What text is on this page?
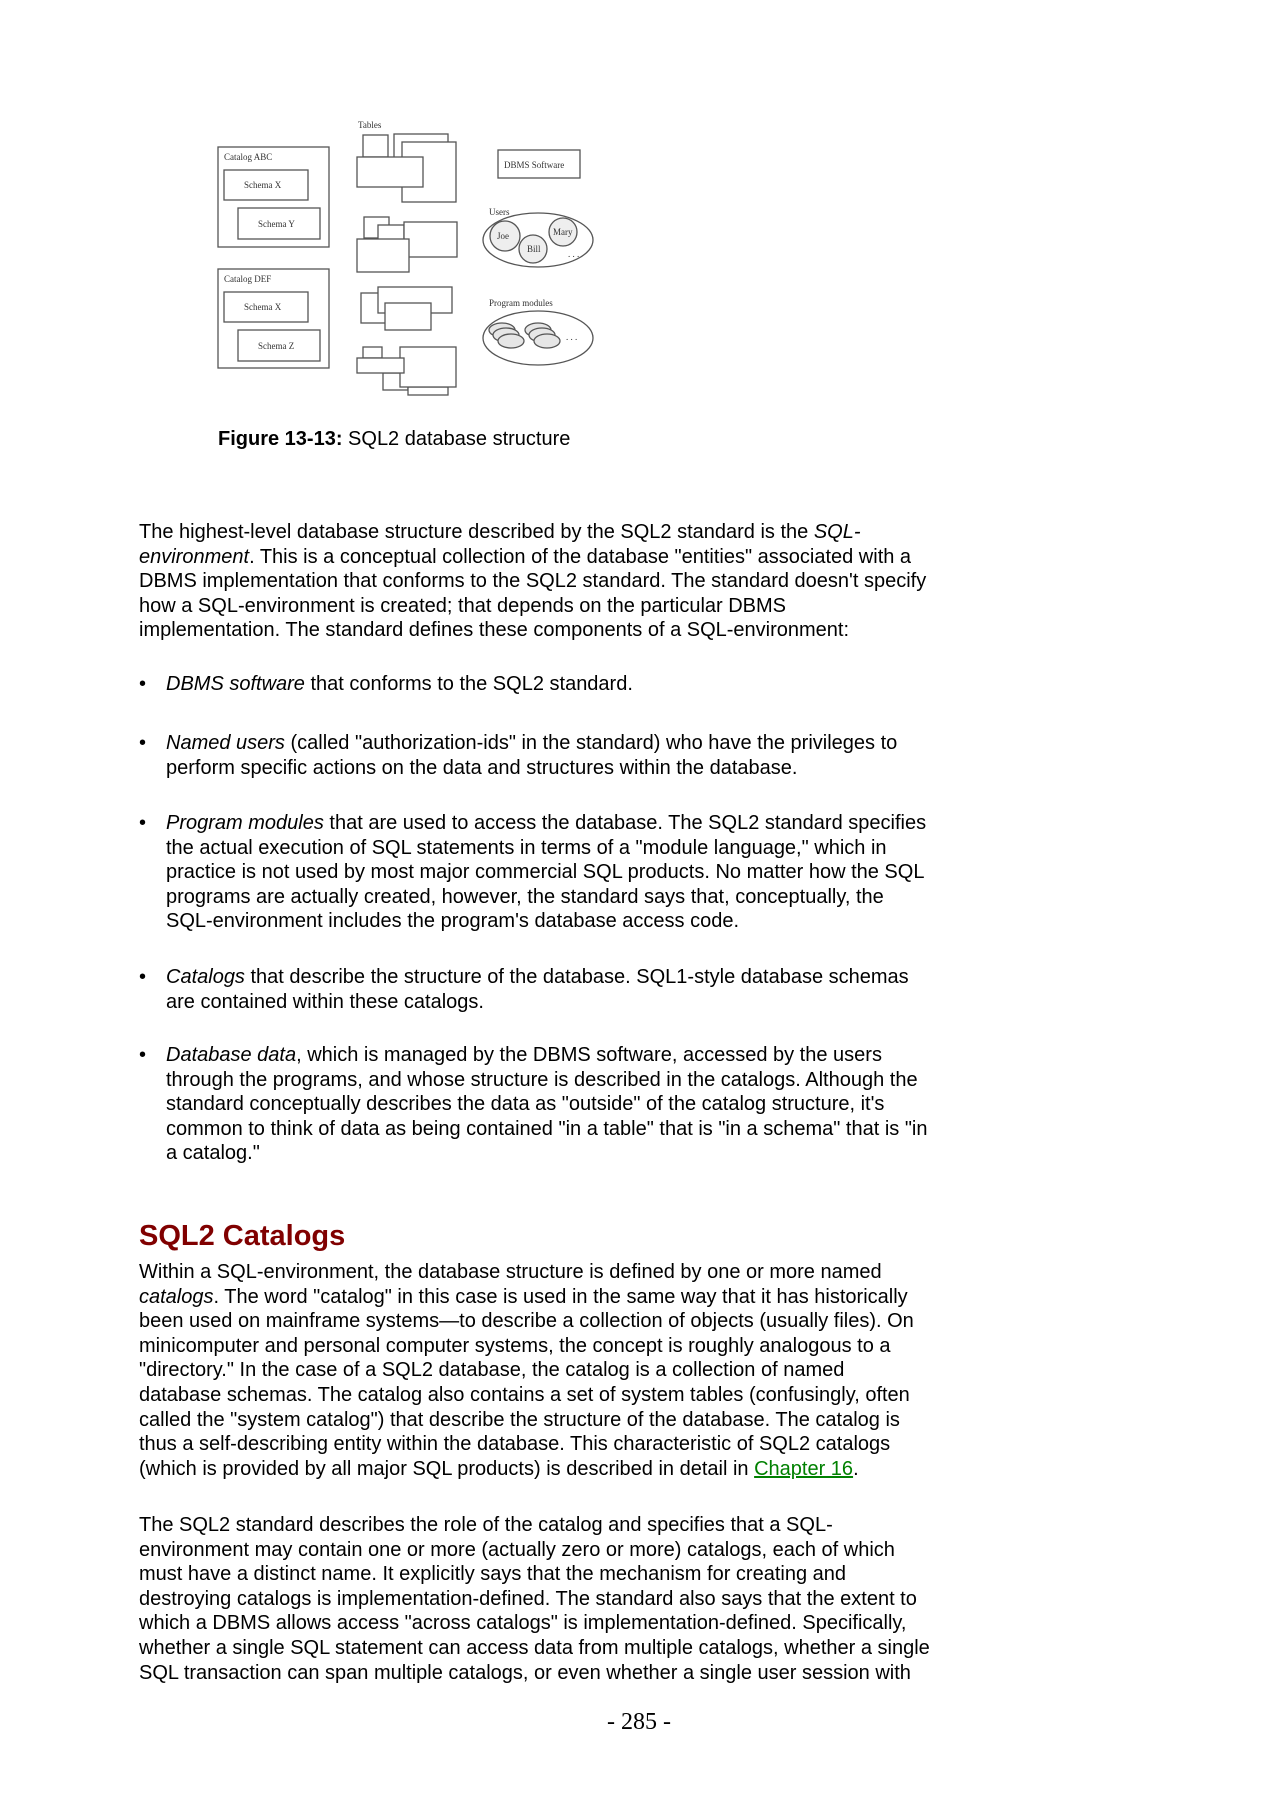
Catalog ABC
Schema X
Schema Y
Catalog DEF
Schema X
Schema Z
Tables
DBMS Software
Users
Joe
Bill
Mary
. . .
Program modules
. . .
Figure 13-13: SQL2 database structure
The highest-level database structure described by the SQL2 standard is the SQL-
environment. This is a conceptual collection of the database "entities" associated with a
DBMS implementation that conforms to the SQL2 standard. The standard doesn't specify
how a SQL-environment is created; that depends on the particular DBMS
implementation. The standard defines these components of a SQL-environment:
• DBMS software that conforms to the SQL2 standard.
• Named users (called "authorization-ids" in the standard) who have the privileges to
perform specific actions on the data and structures within the database.
• Program modules that are used to access the database. The SQL2 standard specifies
the actual execution of SQL statements in terms of a "module language," which in
practice is not used by most major commercial SQL products. No matter how the SQL
programs are actually created, however, the standard says that, conceptually, the
SQL-environment includes the program's database access code.
• Catalogs that describe the structure of the database. SQL1-style database schemas
are contained within these catalogs.
• Database data, which is managed by the DBMS software, accessed by the users
through the programs, and whose structure is described in the catalogs. Although the
standard conceptually describes the data as "outside" of the catalog structure, it's
common to think of data as being contained "in a table" that is "in a schema" that is "in
a catalog."
SQL2 Catalogs
Within a SQL-environment, the database structure is defined by one or more named
catalogs. The word "catalog" in this case is used in the same way that it has historically
been used on mainframe systems—to describe a collection of objects (usually files). On
minicomputer and personal computer systems, the concept is roughly analogous to a
"directory." In the case of a SQL2 database, the catalog is a collection of named
database schemas. The catalog also contains a set of system tables (confusingly, often
called the "system catalog") that describe the structure of the database. The catalog is
thus a self-describing entity within the database. This characteristic of SQL2 catalogs
(which is provided by all major SQL products) is described in detail in Chapter 16.
The SQL2 standard describes the role of the catalog and specifies that a SQL-
environment may contain one or more (actually zero or more) catalogs, each of which
must have a distinct name. It explicitly says that the mechanism for creating and
destroying catalogs is implementation-defined. The standard also says that the extent to
which a DBMS allows access "across catalogs" is implementation-defined. Specifically,
whether a single SQL statement can access data from multiple catalogs, whether a single
SQL transaction can span multiple catalogs, or even whether a single user session with
- 285 -
